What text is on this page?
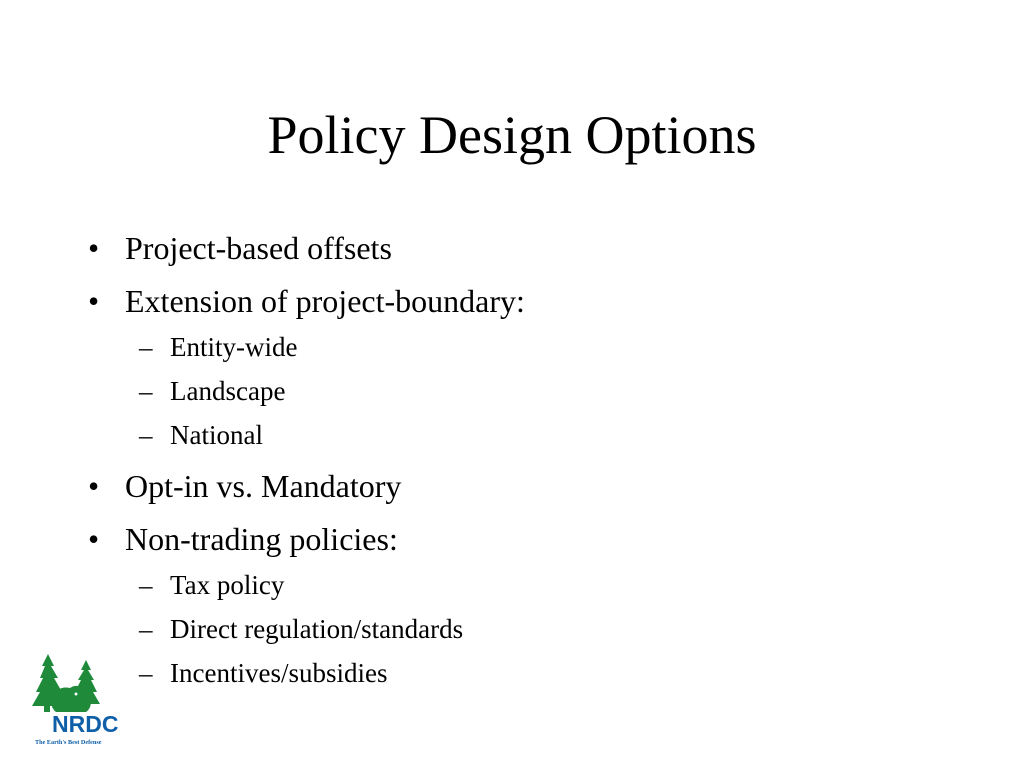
Policy Design Options
• Project-based offsets
• Extension of project-boundary:
– Entity-wide
– Landscape
– National
• Opt-in vs. Mandatory
• Non-trading policies:
– Tax policy
– Direct regulation/standards
– Incentives/subsidies
NRDC
The Earth's Best Defense
